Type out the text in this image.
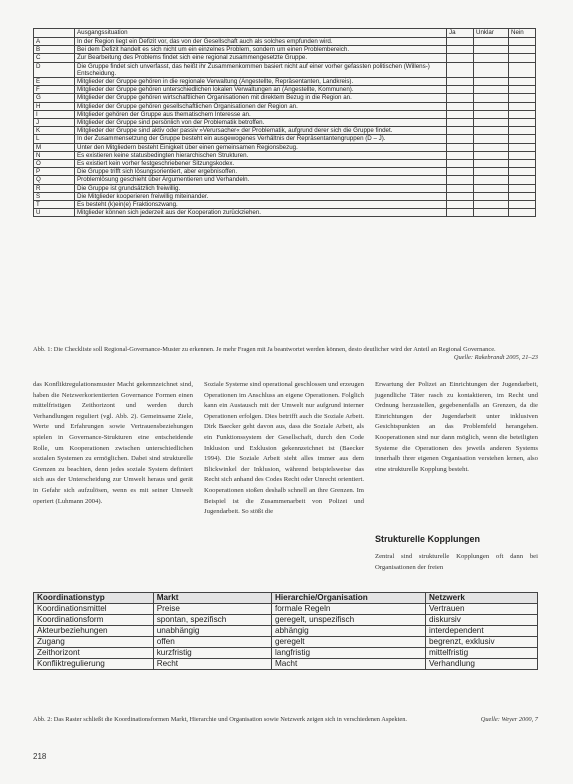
	Ausgangssituation	Ja	Unklar	Nein
A	In der Region liegt ein Defizit vor, das von der Gesellschaft auch als solches empfunden wird.			
B	Bei dem Defizit handelt es sich nicht um ein einzelnes Problem, sondern um einen Problembereich.			
C	Zur Bearbeitung des Problems findet sich eine regional zusammengesetzte Gruppe.			
D	Die Gruppe findet sich unverfasst, das heißt ihr Zusammenkommen basiert nicht auf einer vorher gefassten politischen (Willens-) Entscheidung.			
E	Mitglieder der Gruppe gehören in die regionale Verwaltung (Angestellte, Repräsentanten, Landkreis).			
F	Mitglieder der Gruppe gehören unterschiedlichen lokalen Verwaltungen an (Angestellte, Kommunen).			
G	Mitglieder der Gruppe gehören wirtschaftlichen Organisationen mit direktem Bezug in die Region an.			
H	Mitglieder der Gruppe gehören gesellschaftlichen Organisationen der Region an.			
I	Mitglieder gehören der Gruppe aus thematischem Interesse an.			
J	Mitglieder der Gruppe sind persönlich von der Problematik betroffen.			
K	Mitglieder der Gruppe sind aktiv oder passiv »Verursacher« der Problematik, aufgrund derer sich die Gruppe findet.			
L	In der Zusammensetzung der Gruppe besteht ein ausgewogenes Verhältnis der Repräsentantengruppen (D – J).			
M	Unter den Mitgliedern besteht Einigkeit über einen gemeinsamen Regionsbezug.			
N	Es existieren keine statusbedingten hierarchischen Strukturen.			
O	Es existiert kein vorher festgeschriebener Sitzungskodex.			
P	Die Gruppe trifft sich lösungsorientiert, aber ergebnisoffen.			
Q	Problemlösung geschieht über Argumentieren und Verhandeln.			
R	Die Gruppe ist grundsätzlich freiwillig.			
S	Die Mitglieder kooperieren freiwillig miteinander.			
T	Es besteht (k)ein(e) Fraktionszwang.			
U	Mitglieder können sich jederzeit aus der Kooperation zurückziehen.			
Abb. 1: Die Checkliste soll Regional-Governance-Muster zu erkennen. Je mehr Fragen mit Ja beantwortet werden können, desto deutlicher wird der Anteil an Regional Governance.
Quelle: Rakebrandt 2005, 21–23

das Konfliktregulationsmuster Macht gekennzeichnet sind, haben die Netzwerkorientierten Governance Formen einen mittelfristigen Zeithorizont und werden durch Verhandlungen reguliert (vgl. Abb. 2). Gemeinsame Ziele, Werte und Erfahrungen sowie Vertrauensbeziehungen spielen in Governance-Strukturen eine entscheidende Rolle, um Kooperationen zwischen unterschiedlichen sozialen Systemen zu ermöglichen. Dabei sind strukturelle Grenzen zu beachten, denn jedes soziale System definiert sich aus der Unterscheidung zur Umwelt heraus und gerät in Gefahr sich aufzulösen, wenn es mit seiner Umwelt operiert (Luhmann 2004).

Soziale Systeme sind operational geschlossen und erzeugen Operationen im Anschluss an eigene Operationen. Folglich kann ein Austausch mit der Umwelt nur aufgrund interner Operationen erfolgen. Dies betrifft auch die Soziale Arbeit. Dirk Baecker geht davon aus, dass die Soziale Arbeit, als ein Funktionssystem der Gesellschaft, durch den Code Inklusion und Exklusion gekennzeichnet ist (Baecker 1994). Die Soziale Arbeit sieht alles immer aus dem Blickwinkel der Inklusion, während beispielsweise das Recht sich anhand des Codes Recht oder Unrecht orientiert. Kooperationen stoßen deshalb schnell an ihre Grenzen. Im Beispiel ist die Zusammenarbeit von Polizei und Jugendarbeit. So stößt die

Erwartung der Polizei an Einrichtungen der Jugendarbeit, jugendliche Täter rasch zu kontaktieren, im Recht und Ordnung herzustellen, gegebenenfalls an Grenzen, da die Einrichtungen der Jugendarbeit unter inklusiven Gesichtspunkten an das Problemfeld herangehen. Kooperationen sind nur dann möglich, wenn die beteiligten Systeme die Operationen des jeweils anderen Systems innerhalb ihrer eigenen Organisation verstehen lernen, also eine strukturelle Kopplung besteht.

Strukturelle Kopplungen

Zentral sind strukturelle Kopplungen oft dann bei Organisationen der freien

Koordinationstyp	Markt	Hierarchie/Organisation	Netzwerk
Koordinationsmittel	Preise	formale Regeln	Vertrauen
Koordinationsform	spontan, spezifisch	geregelt, unspezifisch	diskursiv
Akteurbeziehungen	unabhängig	abhängig	interdependent
Zugang	offen	geregelt	begrenzt, exklusiv
Zeithorizont	kurzfristig	langfristig	mittelfristig
Konfliktregulierung	Recht	Macht	Verhandlung
Abb. 2: Das Raster schließt die Koordinationsformen Markt, Hierarchie und Organisation sowie Netzwerk zeigen sich in verschiedenen Aspekten.	Quelle: Weyer 2000, 7
218
